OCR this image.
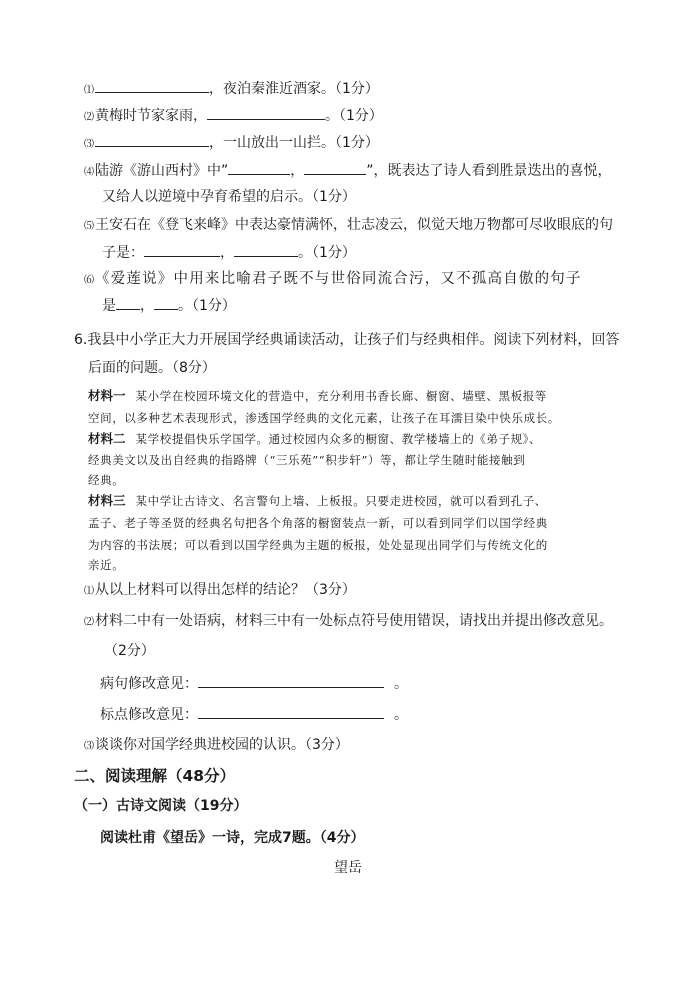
⑴	，夜泊秦淮近酒家。（1分）
⑵黄梅时节家家雨，	。（1分）
⑶	，一山放出一山拦。（1分）
⑷陆游《游山西村》中”	，	”，既表达了诗人看到胜景迭出的喜悦，
又给人以逆境中孕育希望的启示。（1分）
⑸王安石在《登飞来峰》中表达豪情满怀，壮志凌云，似觉天地万物都可尽收眼底的句
子是：	，	。（1分）
⑹《爱莲说》中用来比喻君子既不与世俗同流合污，又不孤高自傲的句子
是 ， 。（1分）
6.我县中小学正大力开展国学经典诵读活动，让孩子们与经典相伴。阅读下列材料，回答
后面的问题。（8分）
材料一 某小学在校园环境文化的营造中，充分利用书香长廊、橱窗、墙壁、黑板报等
空间，以多种艺术表现形式，渗透国学经典的文化元素，让孩子在耳濡目染中快乐成长。
材料二 某学校提倡快乐学国学。通过校园内众多的橱窗、教学楼墙上的《弟子规》、
经典美文以及出自经典的指路牌（“三乐苑”“积步轩”）等，都让学生随时能接触到
经典。
材料三 某中学让古诗文、名言警句上墙、上板报。只要走进校园，就可以看到孔子、
孟子、老子等圣贤的经典名句把各个角落的橱窗装点一新，可以看到同学们以国学经典
为内容的书法展；可以看到以国学经典为主题的板报，处处显现出同学们与传统文化的
亲近。
⑴从以上材料可以得出怎样的结论？（3分）
⑵材料二中有一处语病，材料三中有一处标点符号使用错误，请找出并提出修改意见。
（2分）
病句修改意见：	。
标点修改意见：	。
⑶谈谈你对国学经典进校园的认识。（3分）
二、阅读理解（48分）
（一）古诗文阅读（19分）
阅读杜甫《望岳》一诗，完成7题。（4分）
望岳
